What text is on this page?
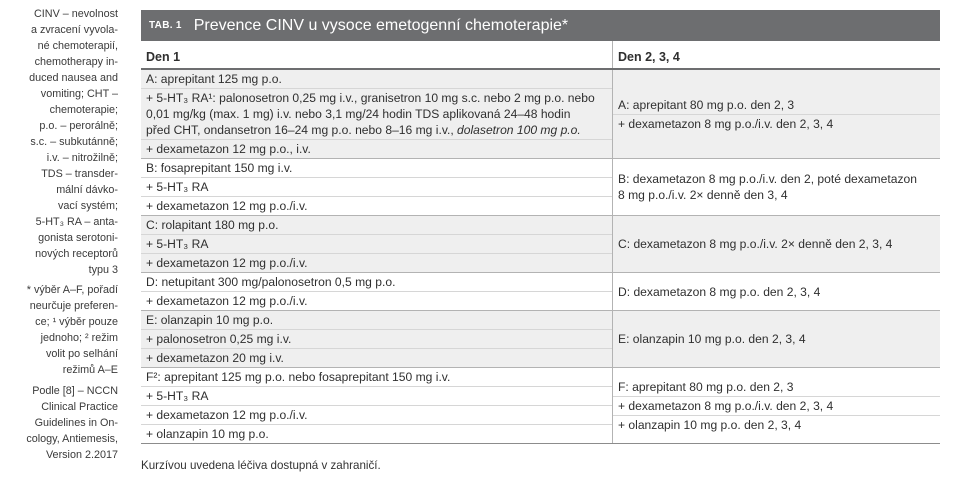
CINV – nevolnost
a zvracení vyvola-
né chemoterapií,
chemotherapy in-
duced nausea and
vomiting; CHT –
chemoterapie;
p.o. – perorálně;
s.c. – subkutánně;
i.v. – nitrožilně;
TDS – transder-
mální dávko-
vací systém;
5-HT₃ RA – anta-
gonista serotoni-
nových receptorů
typu 3
* výběr A–F, pořadí
neurčuje preferen-
ce; ¹ výběr pouze
jednoho; ² režim
volit po selhání
režimů A–E
Podle [8] – NCCN
Clinical Practice
Guidelines in On-
cology, Antiemesis,
Version 2.2017
TAB. 1 Prevence CINV u vysoce emetogenní chemoterapie*
Den 1	Den 2, 3, 4
A: aprepitant 125 mg p.o.
+ 5-HT₃ RA¹: palonosetron 0,25 mg i.v., granisetron 10 mg s.c. nebo 2 mg p.o. nebo
0,01 mg/kg (max. 1 mg) i.v. nebo 3,1 mg/24 hodin TDS aplikovaná 24–48 hodin
před CHT, ondansetron 16–24 mg p.o. nebo 8–16 mg i.v., dolasetron 100 mg p.o.
+ dexametazon 12 mg p.o., i.v.
A: aprepitant 80 mg p.o. den 2, 3
+ dexametazon 8 mg p.o./i.v. den 2, 3, 4
B: fosaprepitant 150 mg i.v.
+ 5-HT₃ RA
+ dexametazon 12 mg p.o./i.v.
B: dexametazon 8 mg p.o./i.v. den 2, poté dexametazon
8 mg p.o./i.v. 2× denně den 3, 4
C: rolapitant 180 mg p.o.
+ 5-HT₃ RA
+ dexametazon 12 mg p.o./i.v.
C: dexametazon 8 mg p.o./i.v. 2× denně den 2, 3, 4
D: netupitant 300 mg/palonosetron 0,5 mg p.o.
+ dexametazon 12 mg p.o./i.v.
D: dexametazon 8 mg p.o. den 2, 3, 4
E: olanzapin 10 mg p.o.
+ palonosetron 0,25 mg i.v.
+ dexametazon 20 mg i.v.
E: olanzapin 10 mg p.o. den 2, 3, 4
F²: aprepitant 125 mg p.o. nebo fosaprepitant 150 mg i.v.
+ 5-HT₃ RA
+ dexametazon 12 mg p.o./i.v.
+ olanzapin 10 mg p.o.
F: aprepitant 80 mg p.o. den 2, 3
+ dexametazon 8 mg p.o./i.v. den 2, 3, 4
+ olanzapin 10 mg p.o. den 2, 3, 4
Kurzívou uvedena léčiva dostupná v zahraničí.
